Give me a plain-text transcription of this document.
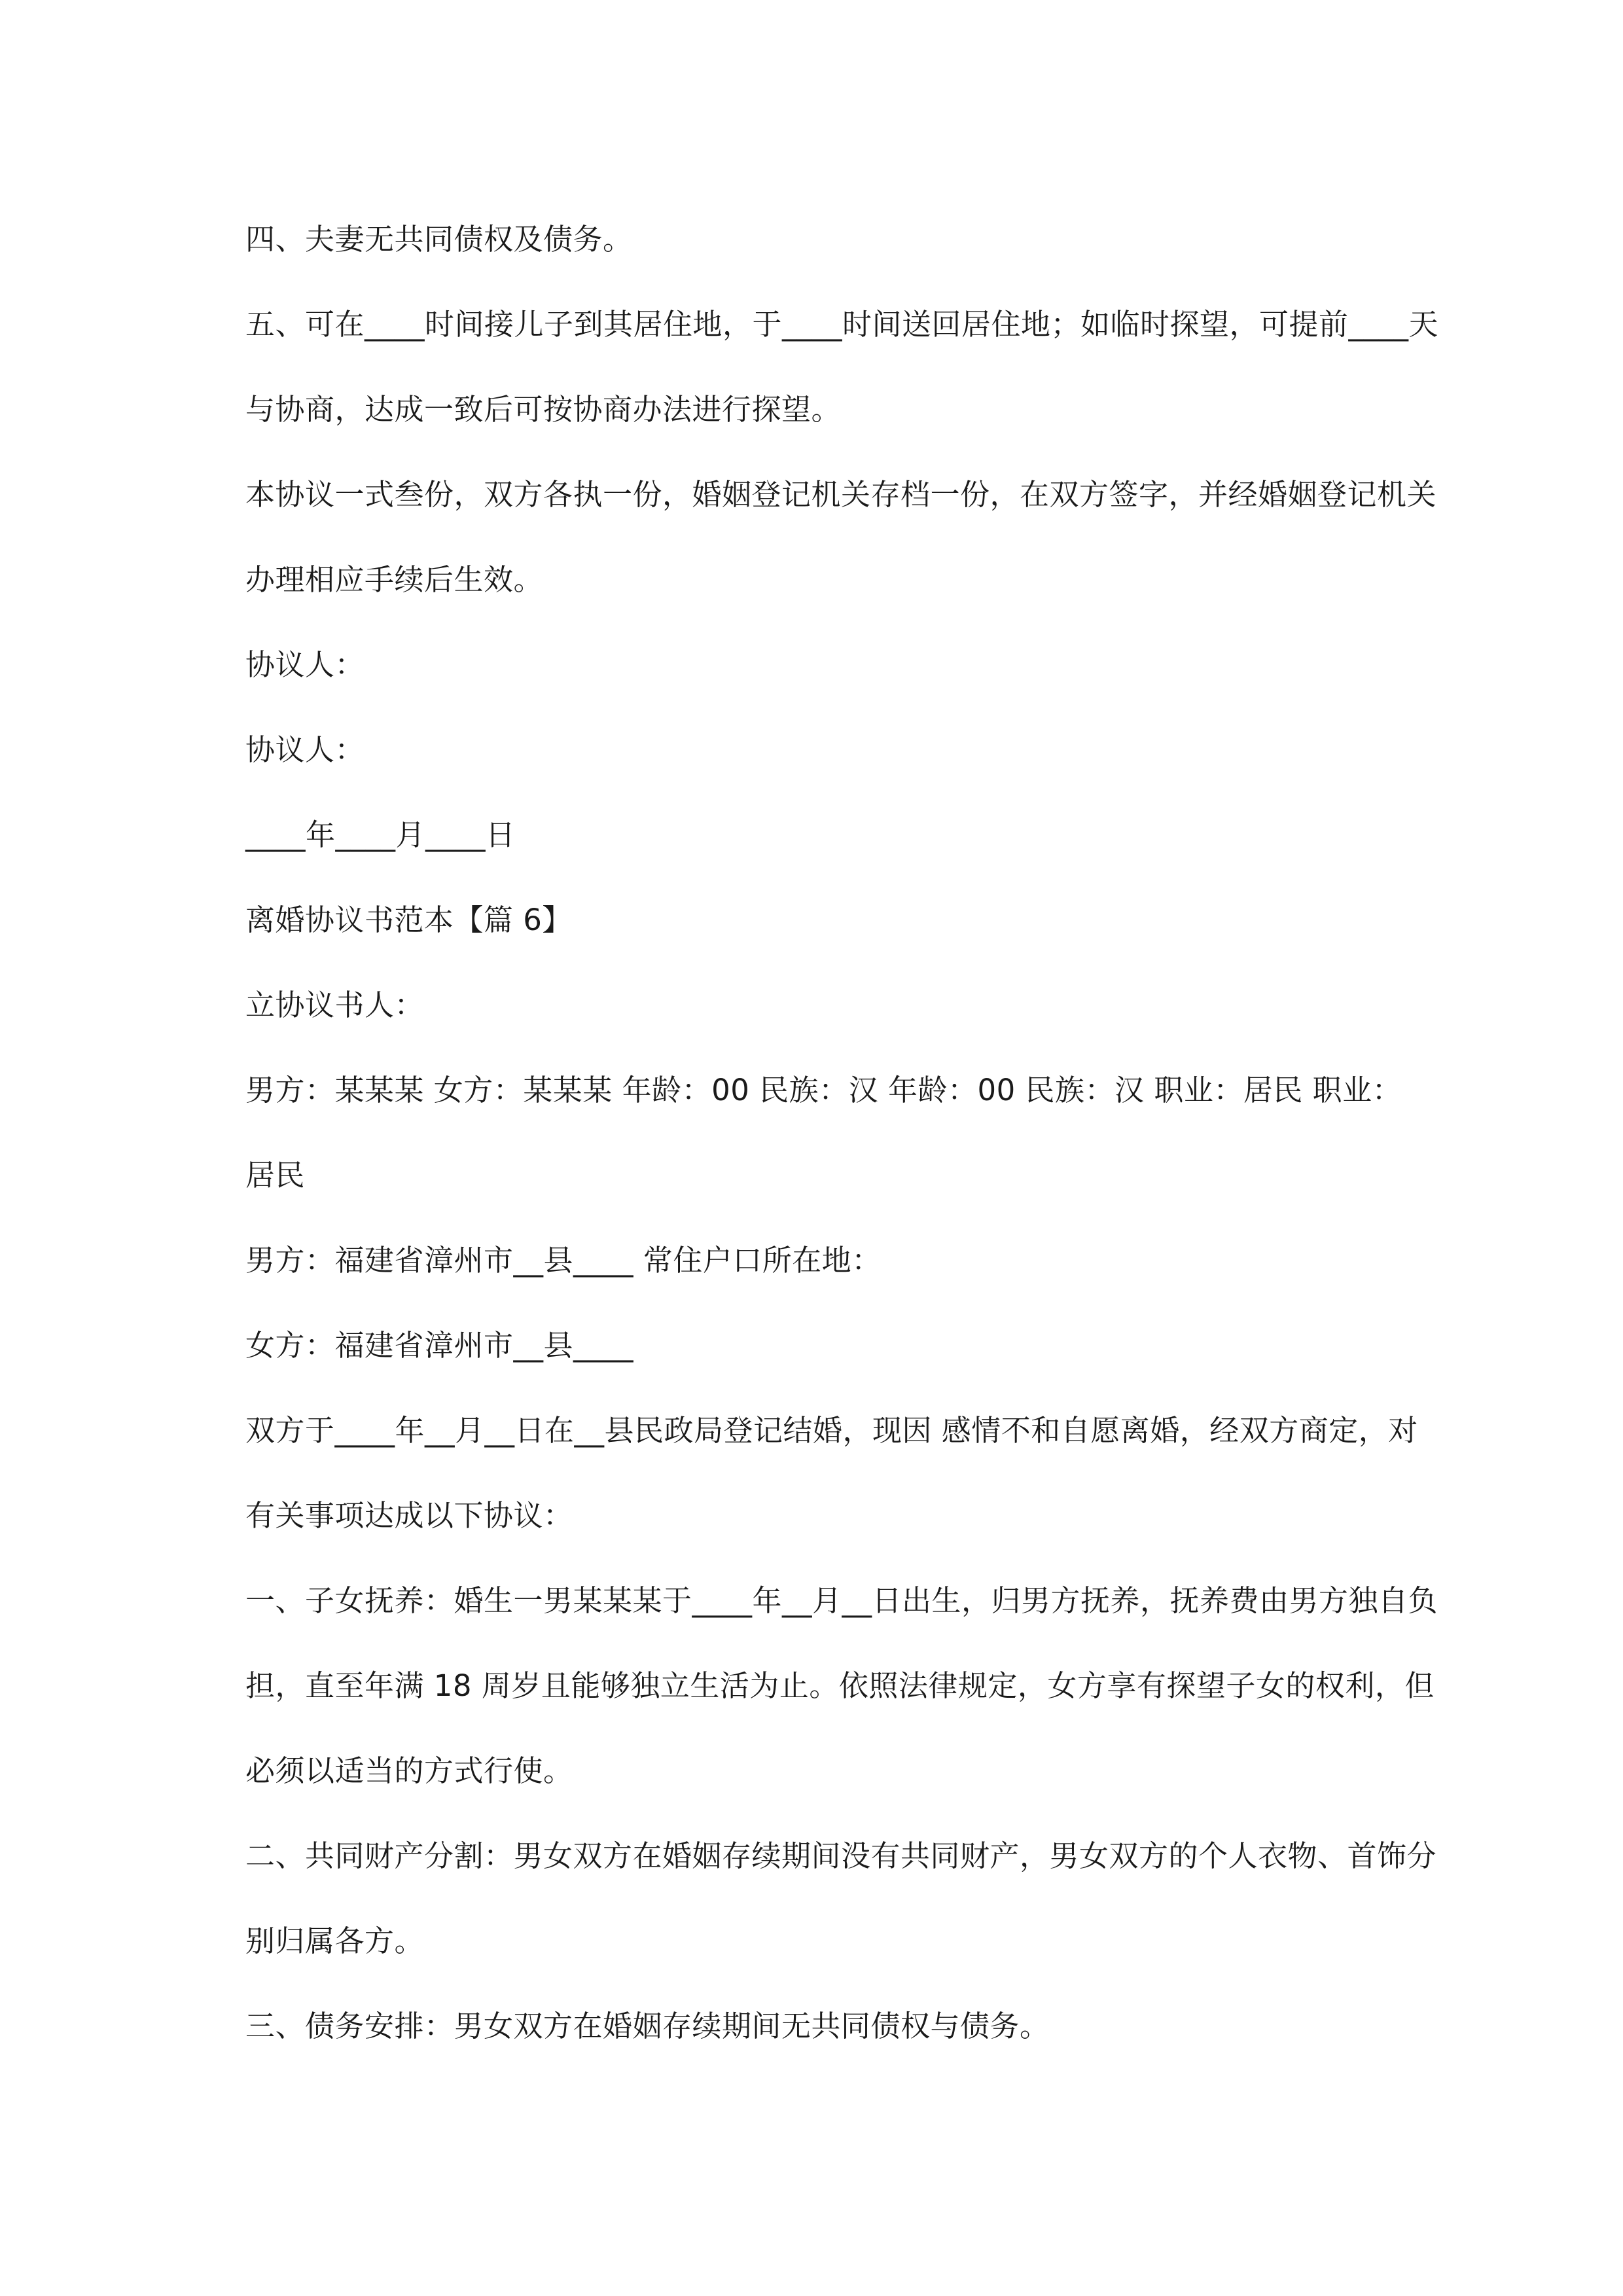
四、夫妻无共同债权及债务。
五、可在____时间接儿子到其居住地，于____时间送回居住地；如临时探望，可提前____天
与协商，达成一致后可按协商办法进行探望。
本协议一式叁份，双方各执一份，婚姻登记机关存档一份，在双方签字，并经婚姻登记机关
办理相应手续后生效。
协议人：
协议人：
____年____月____日
离婚协议书范本【篇 6】
立协议书人：
男方：某某某 女方：某某某 年龄：00 民族：汉 年龄：00 民族：汉 职业：居民 职业：
居民
男方：福建省漳州市__县____ 常住户口所在地：
女方：福建省漳州市__县____
双方于____年__月__日在__县民政局登记结婚，现因 感情不和自愿离婚，经双方商定，对
有关事项达成以下协议：
一、子女抚养：婚生一男某某某于____年__月__日出生，归男方抚养，抚养费由男方独自负
担，直至年满 18 周岁且能够独立生活为止。依照法律规定，女方享有探望子女的权利，但
必须以适当的方式行使。
二、共同财产分割：男女双方在婚姻存续期间没有共同财产，男女双方的个人衣物、首饰分
别归属各方。
三、债务安排：男女双方在婚姻存续期间无共同债权与债务。
